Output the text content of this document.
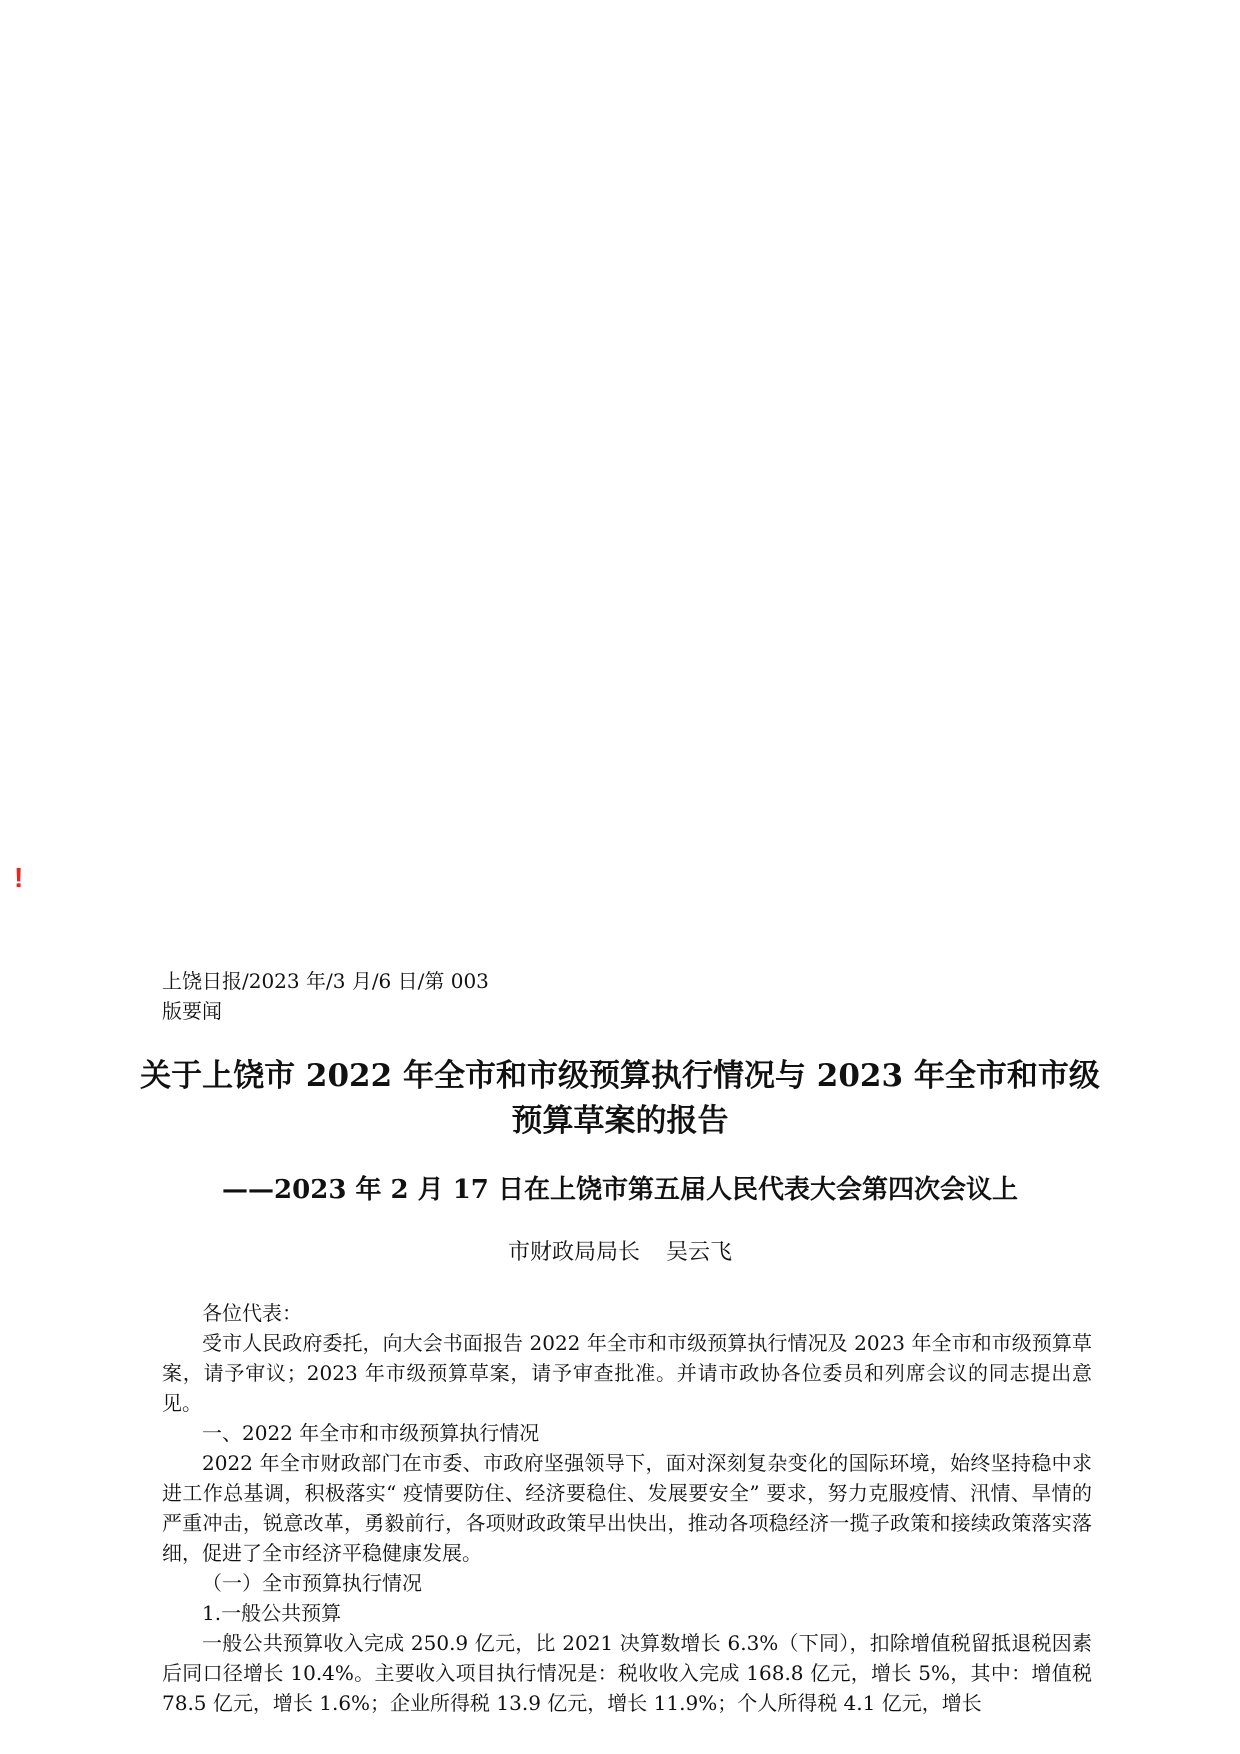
!
上饶日报/2023 年/3 月/6 日/第 003
版要闻
关于上饶市 2022 年全市和市级预算执行情况与 2023 年全市和市级预算草案的报告
——2023 年 2 月 17 日在上饶市第五届人民代表大会第四次会议上
市财政局局长 吴云飞

各位代表：

受市人民政府委托，向大会书面报告 2022 年全市和市级预算执行情况及 2023 年全市和市级预算草案，请予审议；2023 年市级预算草案，请予审查批准。并请市政协各位委员和列席会议的同志提出意见。

一、2022 年全市和市级预算执行情况

2022 年全市财政部门在市委、市政府坚强领导下，面对深刻复杂变化的国际环境，始终坚持稳中求进工作总基调，积极落实“ 疫情要防住、经济要稳住、发展要安全” 要求，努力克服疫情、汛情、旱情的严重冲击，锐意改革，勇毅前行，各项财政政策早出快出，推动各项稳经济一揽子政策和接续政策落实落细，促进了全市经济平稳健康发展。

（一）全市预算执行情况

1.一般公共预算

一般公共预算收入完成 250.9 亿元，比 2021 决算数增长 6.3%（下同），扣除增值税留抵退税因素后同口径增长 10.4%。主要收入项目执行情况是：税收收入完成 168.8 亿元，增长 5%，其中：增值税 78.5 亿元，增长 1.6%；企业所得税 13.9 亿元，增长 11.9%；个人所得税 4.1 亿元，增长
